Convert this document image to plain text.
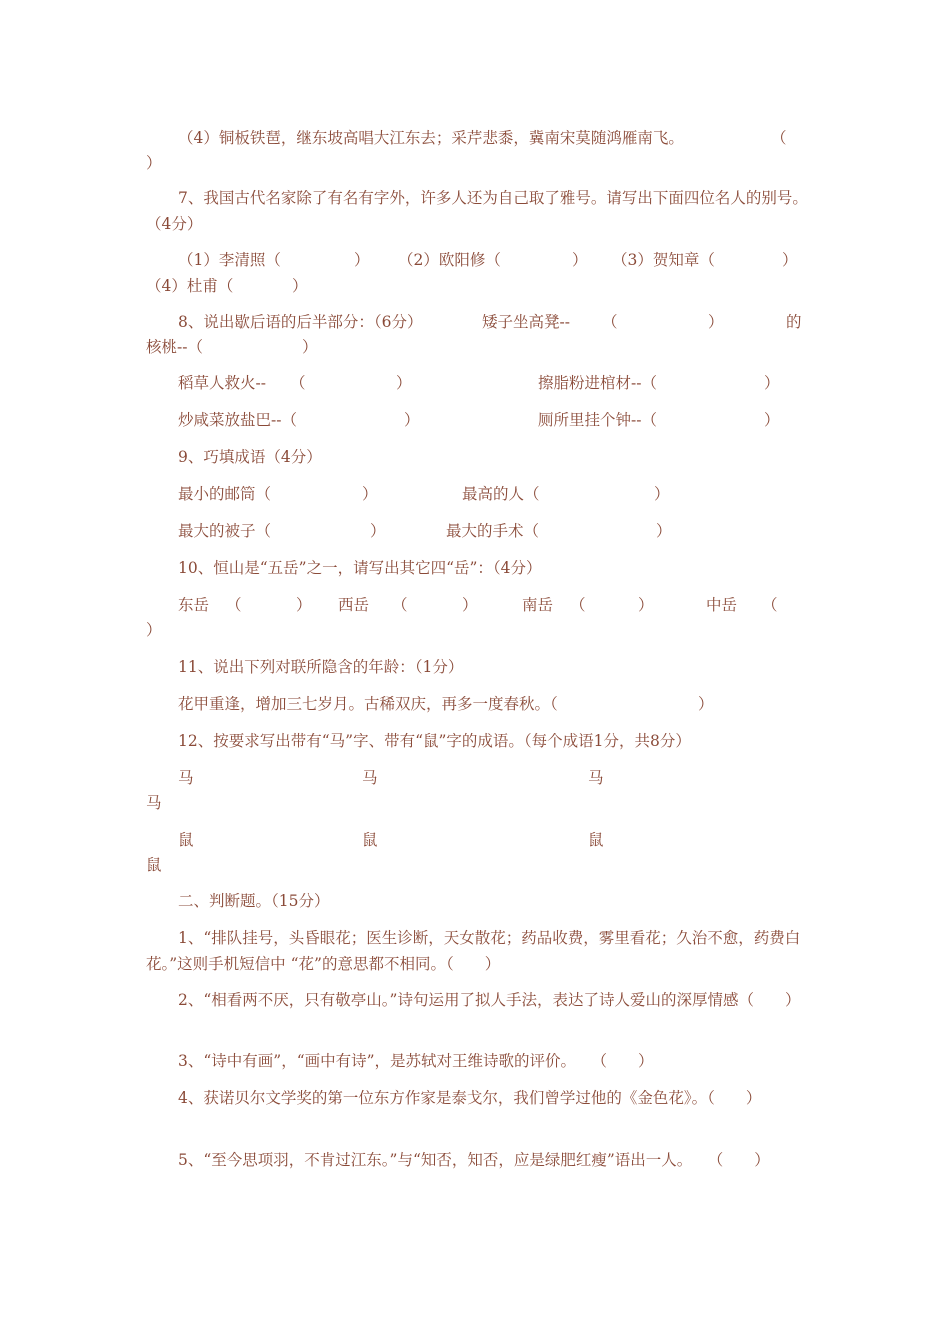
（4）铜板铁琶，继东坡高唱大江东去；采芹悲黍，冀南宋莫随鸿雁南飞。	（
）
7、我国古代名家除了有名有字外，许多人还为自己取了雅号。请写出下面四位名人的别号。（4分）
（1）李清照（	） （2）欧阳修（	） （3）贺知章（	）
（4）杜甫（	）
8、说出歇后语的后半部分：（6分）	矮子坐高凳-- （	）	的
核桃--（	）
稻草人救火-- （	）	擦脂粉进棺材--（	）
炒咸菜放盐巴--（	）	厕所里挂个钟--（	）
9、巧填成语（4分）
最小的邮筒（	）	最高的人（	）
最大的被子（	）	最大的手术（	）
10、恒山是“五岳”之一，请写出其它四“岳”：（4分）
东岳 （	） 西岳 （	）	南岳 （	）	中岳 （
）
11、说出下列对联所隐含的年龄：（1分）
花甲重逢，增加三七岁月。古稀双庆，再多一度春秋。（	）
12、按要求写出带有“马”字、带有“鼠”字的成语。（每个成语1分，共8分）
马	马	马
马
鼠	鼠	鼠
鼠
二、判断题。（15分）
1、“排队挂号，头昏眼花；医生诊断，天女散花；药品收费，雾里看花；久治不愈，药费白花。”这则手机短信中 “花”的意思都不相同。（　　）
2、“相看两不厌，只有敬亭山。”诗句运用了拟人手法，表达了诗人爱山的深厚情感（　　）
3、“诗中有画”，“画中有诗”，是苏轼对王维诗歌的评价。　　（　　）
4、获诺贝尔文学奖的第一位东方作家是泰戈尔，我们曾学过他的《金色花》。（　　）
5、“至今思项羽，不肯过江东。”与“知否，知否，应是绿肥红瘦”语出一人。　　（　　）
